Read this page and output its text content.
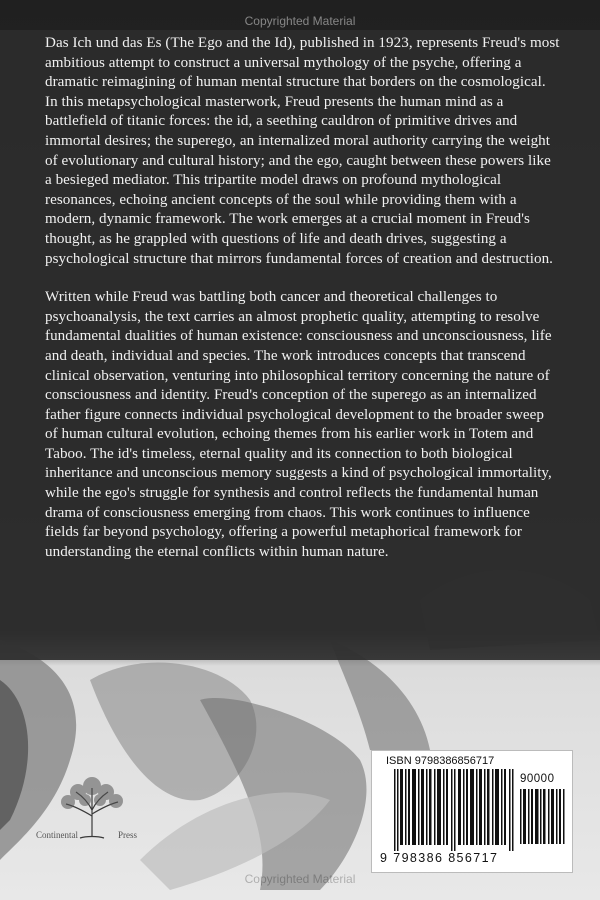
Copyrighted Material

Das Ich und das Es (The Ego and the Id), published in 1923, represents Freud's most ambitious attempt to construct a universal mythology of the psyche, offering a dramatic reimagining of human mental structure that borders on the cosmological. In this metapsychological masterwork, Freud presents the human mind as a battlefield of titanic forces: the id, a seething cauldron of primitive drives and immortal desires; the superego, an internalized moral authority carrying the weight of evolutionary and cultural history; and the ego, caught between these powers like a besieged mediator. This tripartite model draws on profound mythological resonances, echoing ancient concepts of the soul while providing them with a modern, dynamic framework. The work emerges at a crucial moment in Freud's thought, as he grappled with questions of life and death drives, suggesting a psychological structure that mirrors fundamental forces of creation and destruction.

Written while Freud was battling both cancer and theoretical challenges to psychoanalysis, the text carries an almost prophetic quality, attempting to resolve fundamental dualities of human existence: consciousness and unconsciousness, life and death, individual and species. The work introduces concepts that transcend clinical observation, venturing into philosophical territory concerning the nature of consciousness and identity. Freud's conception of the superego as an internalized father figure connects individual psychological development to the broader sweep of human cultural evolution, echoing themes from his earlier work in Totem and Taboo. The id's timeless, eternal quality and its connection to both biological inheritance and unconscious memory suggests a kind of psychological immortality, while the ego's struggle for synthesis and control reflects the fundamental human drama of consciousness emerging from chaos. This work continues to influence fields far beyond psychology, offering a powerful metaphorical framework for understanding the eternal conflicts within human nature.

Continental	Press
ISBN 9798386856717
90000
9 798386 856717
Copyrighted Material
